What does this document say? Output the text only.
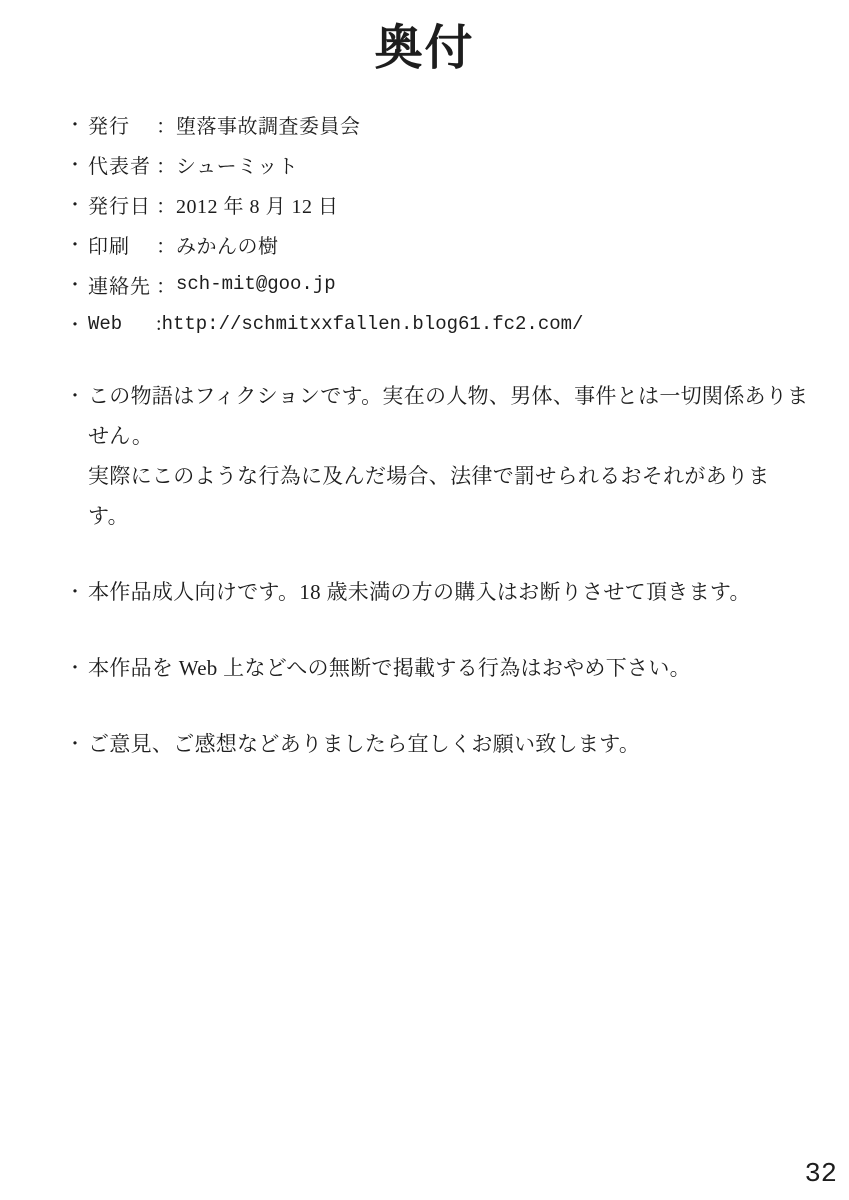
奥付
・ 発行	： 堕落事故調査委員会
・ 代表者 ： シューミット
・ 発行日 ： 2012 年 8 月 12 日
・ 印刷	： みかんの樹
・ 連絡先 ： sch-mit@goo.jp
・ Web	: http://schmitxxfallen.blog61.fc2.com/
・ この物語はフィクションです。実在の人物、男体、事件とは一切関係ありません。
実際にこのような行為に及んだ場合、法律で罰せられるおそれがあります。
・ 本作品成人向けです。18 歳未満の方の購入はお断りさせて頂きます。
・ 本作品を Web 上などへの無断で掲載する行為はおやめ下さい。
・ ご意見、ご感想などありましたら宜しくお願い致します。
32
